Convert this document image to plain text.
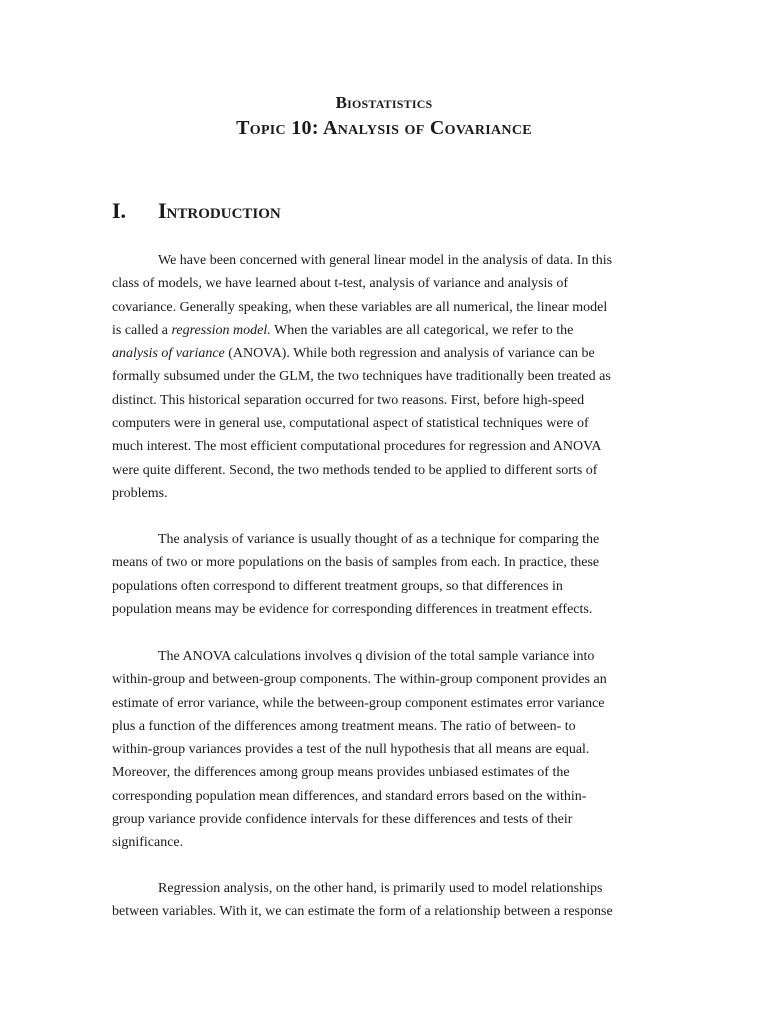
Biostatistics
Topic 10: Analysis of Covariance
I. Introduction
We have been concerned with general linear model in the analysis of data. In this
class of models, we have learned about t-test, analysis of variance and analysis of
covariance. Generally speaking, when these variables are all numerical, the linear model
is called a regression model. When the variables are all categorical, we refer to the
analysis of variance (ANOVA). While both regression and analysis of variance can be
formally subsumed under the GLM, the two techniques have traditionally been treated as
distinct. This historical separation occurred for two reasons. First, before high-speed
computers were in general use, computational aspect of statistical techniques were of
much interest. The most efficient computational procedures for regression and ANOVA
were quite different. Second, the two methods tended to be applied to different sorts of
problems.
The analysis of variance is usually thought of as a technique for comparing the
means of two or more populations on the basis of samples from each. In practice, these
populations often correspond to different treatment groups, so that differences in
population means may be evidence for corresponding differences in treatment effects.
The ANOVA calculations involves q division of the total sample variance into
within-group and between-group components. The within-group component provides an
estimate of error variance, while the between-group component estimates error variance
plus a function of the differences among treatment means. The ratio of between- to
within-group variances provides a test of the null hypothesis that all means are equal.
Moreover, the differences among group means provides unbiased estimates of the
corresponding population mean differences, and standard errors based on the within-
group variance provide confidence intervals for these differences and tests of their
significance.
Regression analysis, on the other hand, is primarily used to model relationships
between variables. With it, we can estimate the form of a relationship between a response
